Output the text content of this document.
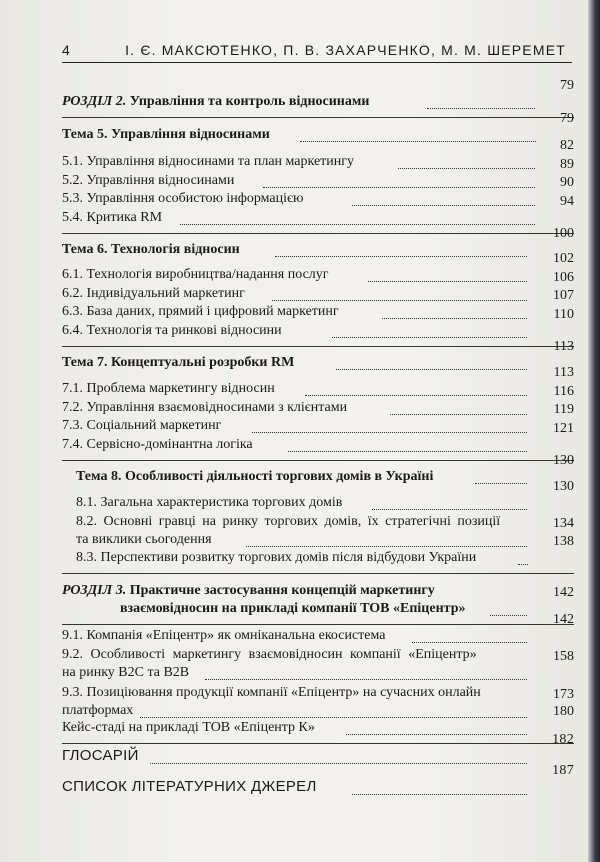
4	І. Є. МАКСЮТЕНКО, П. В. ЗАХАРЧЕНКО, М. М. ШЕРЕМЕТ
РОЗДІЛ 2. Управління та контроль відносинами
79
Тема 5. Управління відносинами
79
5.1. Управління відносинами та план маркетингу
82
5.2. Управління відносинами
89
5.3. Управління особистою інформацією
90
5.4. Критика RM
94
Тема 6. Технологія відносин
100
6.1. Технологія виробництва/надання послуг
102
6.2. Індивідуальний маркетинг
106
6.3. База даних, прямий і цифровий маркетинг
107
6.4. Технологія та ринкові відносини
110
Тема 7. Концептуальні розробки RM
113
7.1. Проблема маркетингу відносин
113
7.2. Управління взаємовідносинами з клієнтами
116
7.3. Соціальний маркетинг
119
7.4. Сервісно-домінантна логіка
121
Тема 8. Особливості діяльності торгових домів в Україні
130
8.1. Загальна характеристика торгових домів
130
8.2. Основні гравці на ринку торгових домів, їх стратегічні позиції
та виклики сьогодення
134
8.3. Перспективи розвитку торгових домів після відбудови України
138
РОЗДІЛ 3. Практичне застосування концепцій маркетингу
взаємовідносин на прикладі компанії ТОВ «Епіцентр»
142
9.1. Компанія «Епіцентр» як омніканальна екосистема
142
9.2. Особливості маркетингу взаємовідносин компанії «Епіцентр»
на ринку B2C та B2B
158
9.3. Позиціювання продукції компанії «Епіцентр» на сучасних онлайн
платформах
173
Кейс-стаді на прикладі ТОВ «Епіцентр К»
180
ГЛОСАРІЙ
182
СПИСОК ЛІТЕРАТУРНИХ ДЖЕРЕЛ
187
